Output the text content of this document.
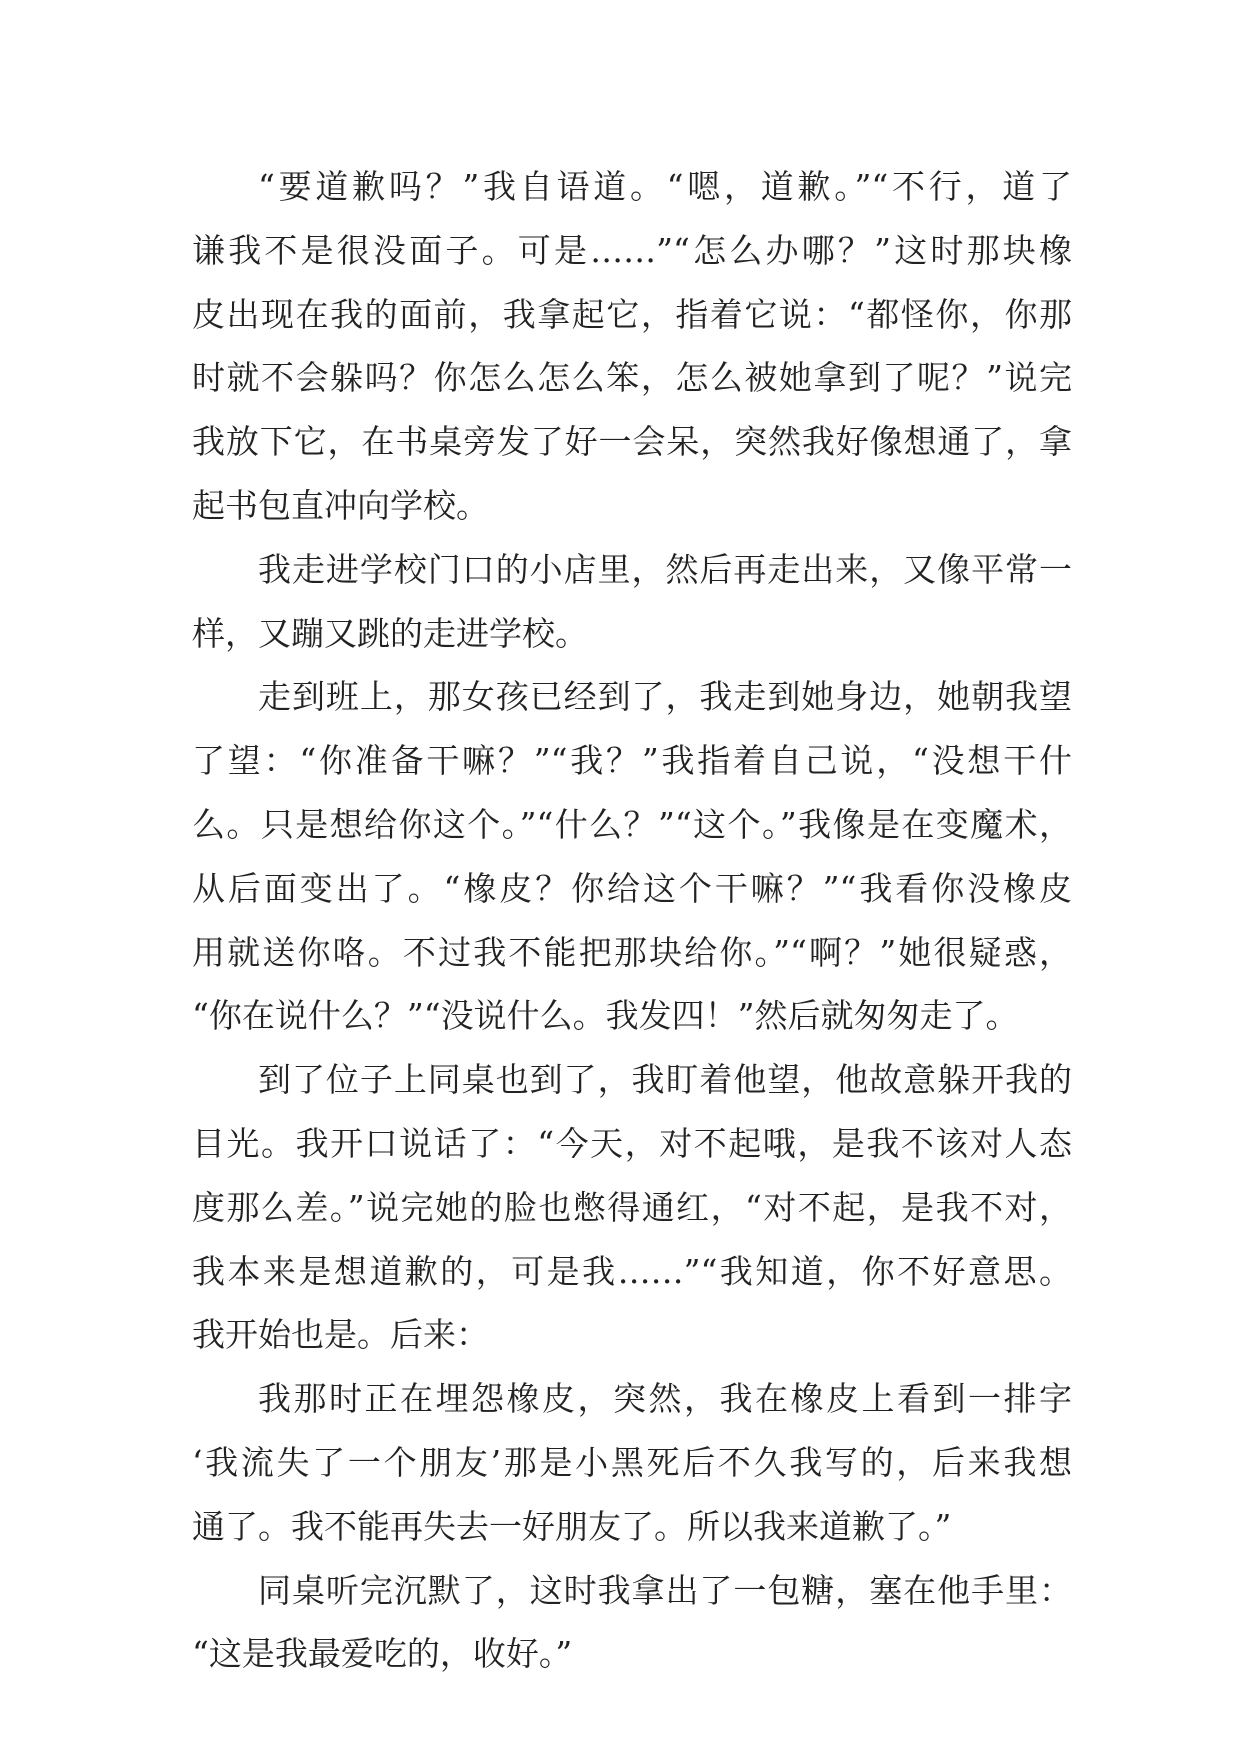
“要道歉吗？”我自语道。“嗯，道歉。”“不行，道了
谦我不是很没面子。可是……”“怎么办哪？”这时那块橡
皮出现在我的面前，我拿起它，指着它说：“都怪你，你那
时就不会躲吗？你怎么怎么笨，怎么被她拿到了呢？”说完
我放下它，在书桌旁发了好一会呆，突然我好像想通了，拿
起书包直冲向学校。
我走进学校门口的小店里，然后再走出来，又像平常一
样，又蹦又跳的走进学校。
走到班上，那女孩已经到了，我走到她身边，她朝我望
了望：“你准备干嘛？”“我？”我指着自己说，“没想干什
么。只是想给你这个。”“什么？”“这个。”我像是在变魔术，
从后面变出了。“橡皮？你给这个干嘛？”“我看你没橡皮
用就送你咯。不过我不能把那块给你。”“啊？”她很疑惑，
“你在说什么？”“没说什么。我发四！”然后就匆匆走了。
到了位子上同桌也到了，我盯着他望，他故意躲开我的
目光。我开口说话了：“今天，对不起哦，是我不该对人态
度那么差。”说完她的脸也憋得通红，“对不起，是我不对，
我本来是想道歉的，可是我……”“我知道，你不好意思。
我开始也是。后来：
我那时正在埋怨橡皮，突然，我在橡皮上看到一排字
‘我流失了一个朋友’那是小黑死后不久我写的，后来我想
通了。我不能再失去一好朋友了。所以我来道歉了。”
同桌听完沉默了，这时我拿出了一包糖，塞在他手里：
“这是我最爱吃的，收好。”
